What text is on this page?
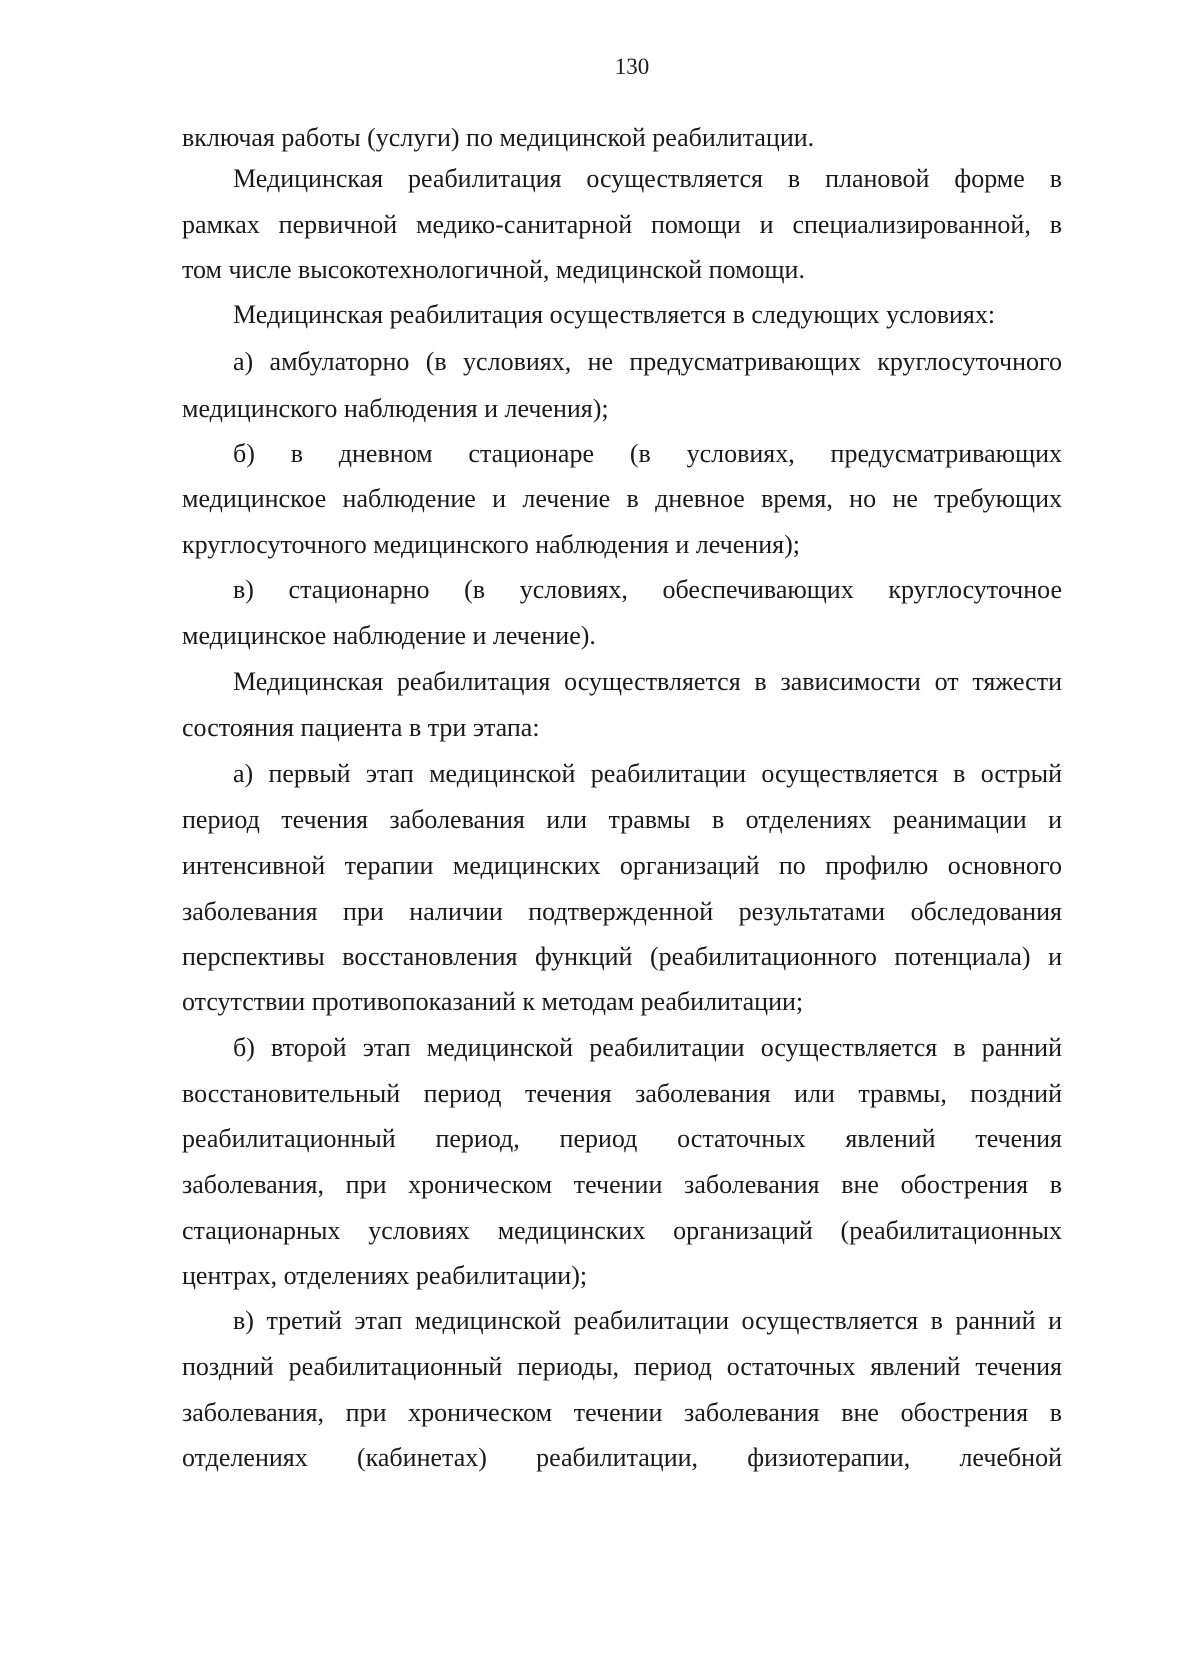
130
включая работы (услуги) по медицинской реабилитации.
Медицинская реабилитация осуществляется в плановой форме в
рамках первичной медико-санитарной помощи и специализированной, в
том числе высокотехнологичной, медицинской помощи.
Медицинская реабилитация осуществляется в следующих условиях:
а) амбулаторно (в условиях, не предусматривающих круглосуточного
медицинского наблюдения и лечения);
б) в дневном стационаре (в условиях, предусматривающих
медицинское наблюдение и лечение в дневное время, но не требующих
круглосуточного медицинского наблюдения и лечения);
в) стационарно (в условиях, обеспечивающих круглосуточное
медицинское наблюдение и лечение).
Медицинская реабилитация осуществляется в зависимости от тяжести
состояния пациента в три этапа:
а) первый этап медицинской реабилитации осуществляется в острый
период течения заболевания или травмы в отделениях реанимации и
интенсивной терапии медицинских организаций по профилю основного
заболевания при наличии подтвержденной результатами обследования
перспективы восстановления функций (реабилитационного потенциала) и
отсутствии противопоказаний к методам реабилитации;
б) второй этап медицинской реабилитации осуществляется в ранний
восстановительный период течения заболевания или травмы, поздний
реабилитационный период, период остаточных явлений течения
заболевания, при хроническом течении заболевания вне обострения в
стационарных условиях медицинских организаций (реабилитационных
центрах, отделениях реабилитации);
в) третий этап медицинской реабилитации осуществляется в ранний и
поздний реабилитационный периоды, период остаточных явлений течения
заболевания, при хроническом течении заболевания вне обострения в
отделениях (кабинетах) реабилитации, физиотерапии, лечебной
